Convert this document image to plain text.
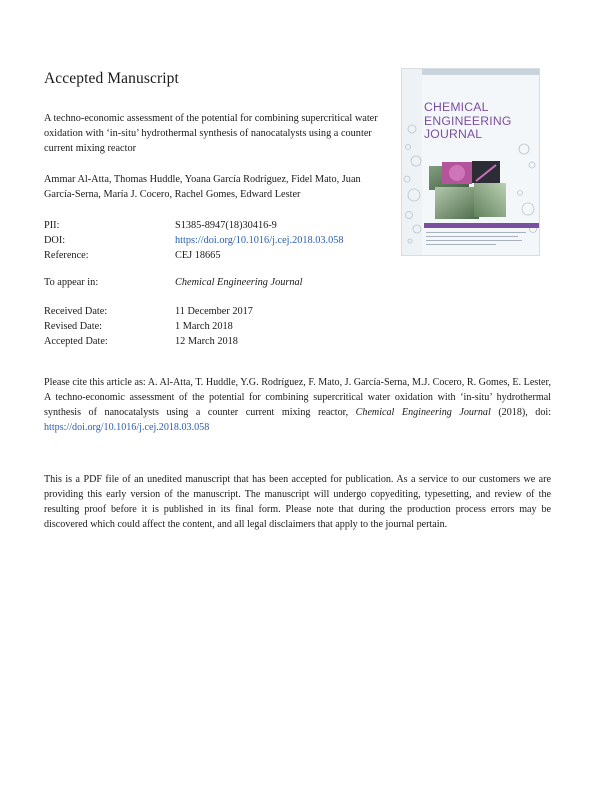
Accepted Manuscript
A techno-economic assessment of the potential for combining supercritical water oxidation with ‘in-situ’ hydrothermal synthesis of nanocatalysts using a counter current mixing reactor
Ammar Al-Atta, Thomas Huddle, Yoana García Rodríguez, Fidel Mato, Juan García-Serna, María J. Cocero, Rachel Gomes, Edward Lester
PII:	S1385-8947(18)30416-9
DOI:	https://doi.org/10.1016/j.cej.2018.03.058
Reference:	CEJ 18665
To appear in:	Chemical Engineering Journal
Received Date:	11 December 2017
Revised Date:	1 March 2018
Accepted Date:	12 March 2018
Please cite this article as: A. Al-Atta, T. Huddle, Y.G. Rodríguez, F. Mato, J. García-Serna, M.J. Cocero, R. Gomes, E. Lester, A techno-economic assessment of the potential for combining supercritical water oxidation with ‘in-situ’ hydrothermal synthesis of nanocatalysts using a counter current mixing reactor, Chemical Engineering Journal (2018), doi: https://doi.org/10.1016/j.cej.2018.03.058
This is a PDF file of an unedited manuscript that has been accepted for publication. As a service to our customers we are providing this early version of the manuscript. The manuscript will undergo copyediting, typesetting, and review of the resulting proof before it is published in its final form. Please note that during the production process errors may be discovered which could affect the content, and all legal disclaimers that apply to the journal pertain.
CHEMICAL ENGINEERING JOURNAL
